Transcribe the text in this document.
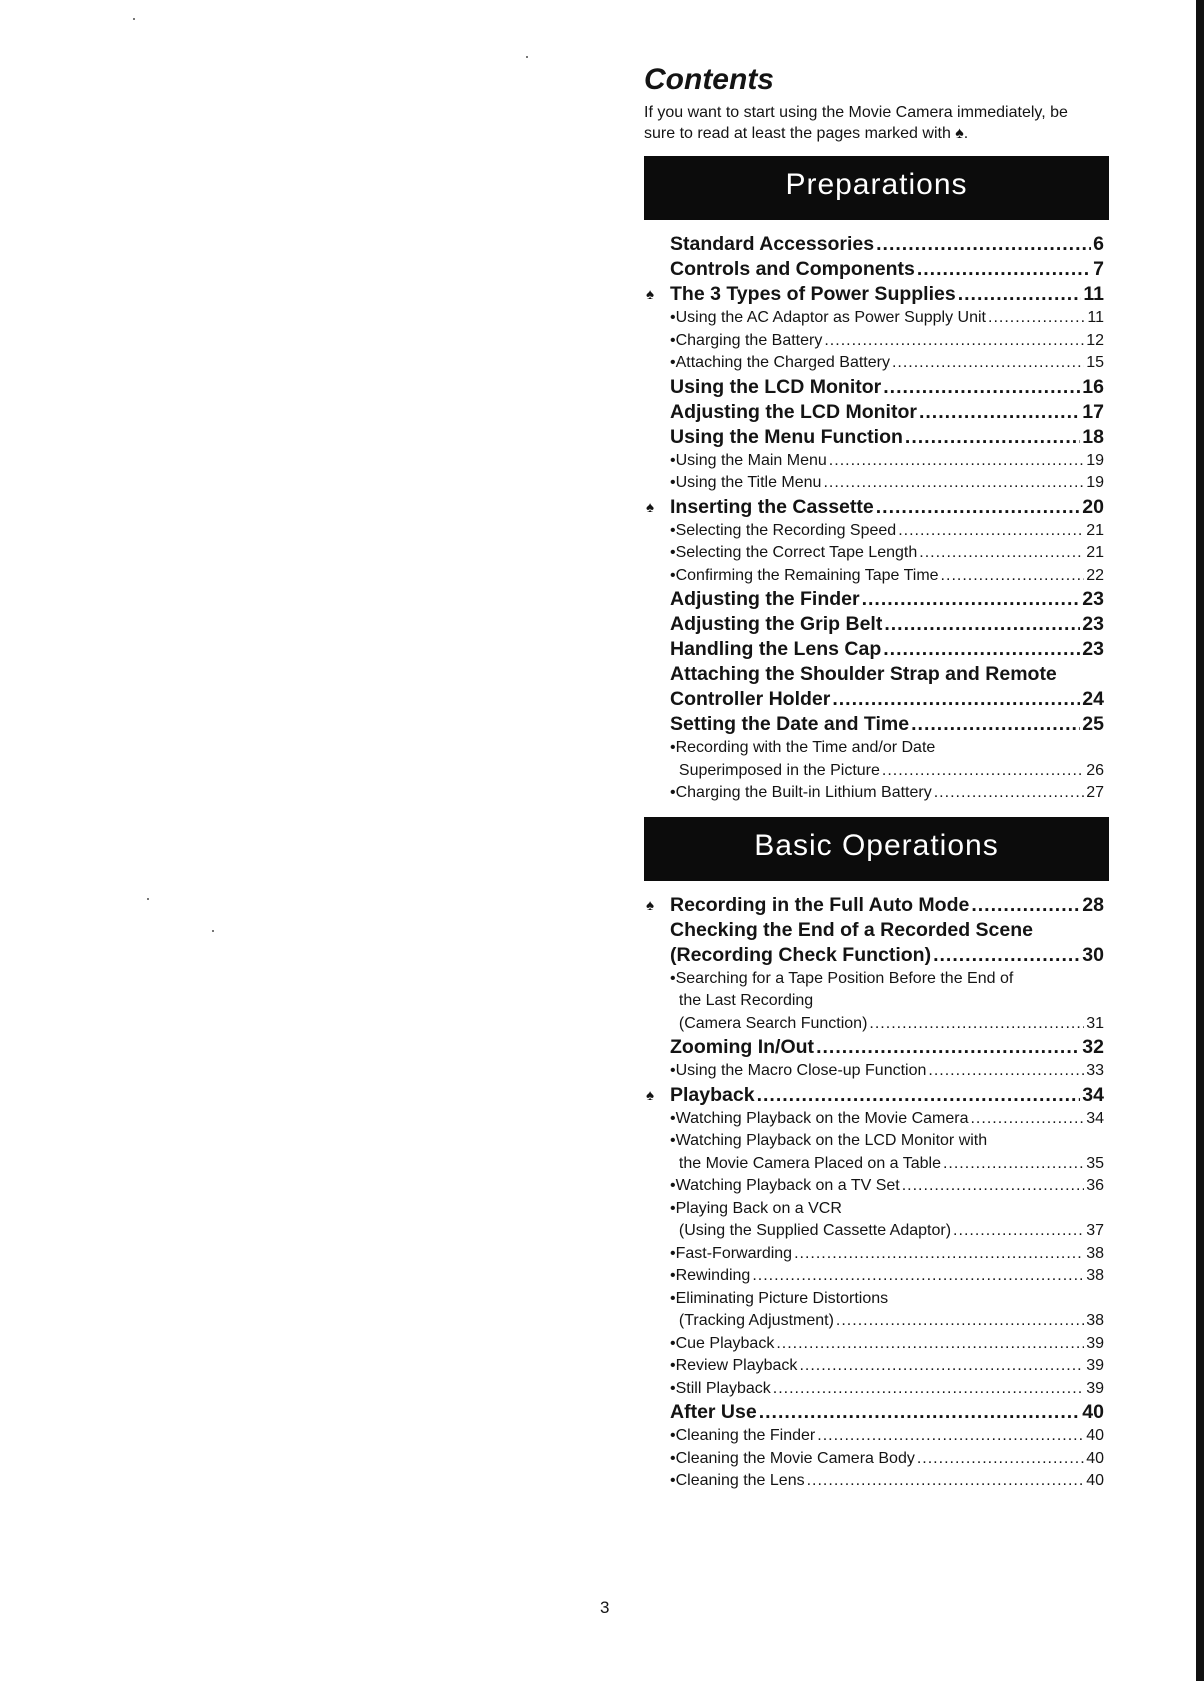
Contents

If you want to start using the Movie Camera immediately, be sure to read at least the pages marked with ♠.

Preparations
Standard Accessories .....	6
Controls and Components .....	7
♠ The 3 Types of Power Supplies .....	11
•Using the AC Adaptor as Power Supply Unit .....	11
•Charging the Battery .....	12
•Attaching the Charged Battery .....	15
Using the LCD Monitor .....	16
Adjusting the LCD Monitor .....	17
Using the Menu Function .....	18
•Using the Main Menu .....	19
•Using the Title Menu .....	19
♠ Inserting the Cassette .....	20
•Selecting the Recording Speed .....	21
•Selecting the Correct Tape Length .....	21
•Confirming the Remaining Tape Time .....	22
Adjusting the Finder .....	23
Adjusting the Grip Belt .....	23
Handling the Lens Cap .....	23
Attaching the Shoulder Strap and Remote
Controller Holder .....	24
Setting the Date and Time .....	25
•Recording with the Time and/or Date
Superimposed in the Picture .....	26
•Charging the Built-in Lithium Battery .....	27
Basic Operations
♠ Recording in the Full Auto Mode .....	28
Checking the End of a Recorded Scene
(Recording Check Function) .....	30
•Searching for a Tape Position Before the End of
the Last Recording
(Camera Search Function) .....	31
Zooming In/Out .....	32
•Using the Macro Close-up Function .....	33
♠ Playback .....	34
•Watching Playback on the Movie Camera .....	34
•Watching Playback on the LCD Monitor with
the Movie Camera Placed on a Table .....	35
•Watching Playback on a TV Set .....	36
•Playing Back on a VCR
(Using the Supplied Cassette Adaptor) .....	37
•Fast-Forwarding .....	38
•Rewinding .....	38
•Eliminating Picture Distortions
(Tracking Adjustment) .....	38
•Cue Playback .....	39
•Review Playback .....	39
•Still Playback .....	39
After Use .....	40
•Cleaning the Finder .....	40
•Cleaning the Movie Camera Body .....	40
•Cleaning the Lens .....	40
3
